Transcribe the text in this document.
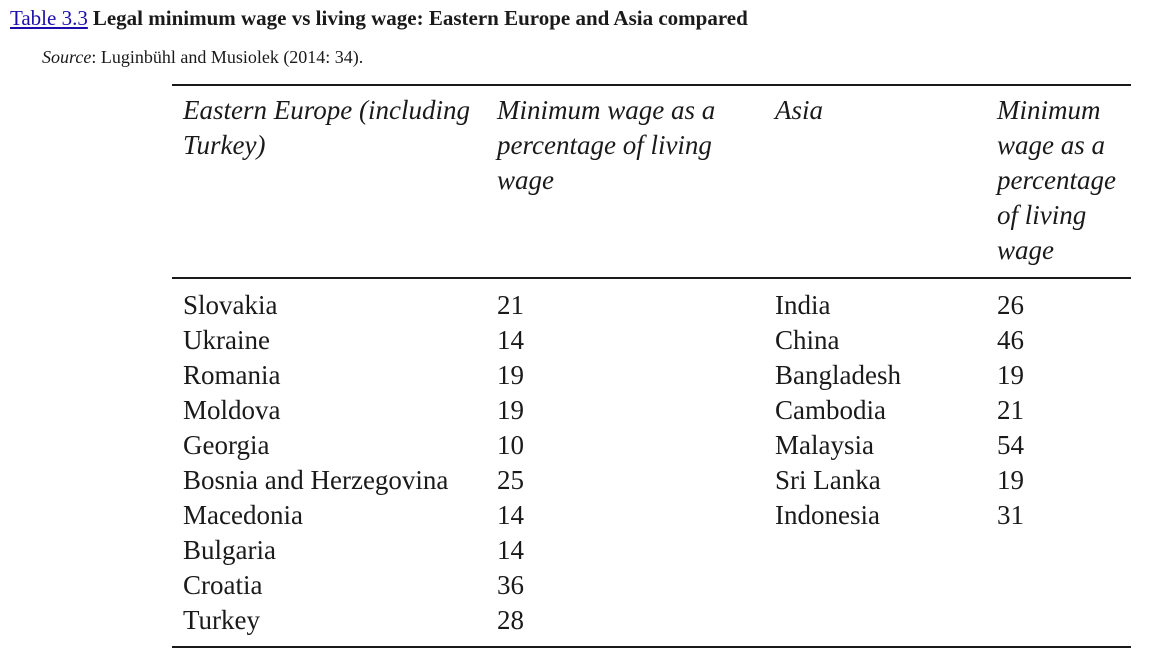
Table 3.3 Legal minimum wage vs living wage: Eastern Europe and Asia compared
Source: Luginbühl and Musiolek (2014: 34).
Eastern Europe (including Turkey)	Minimum wage as a percentage of living wage	Asia	Minimum wage as a percentage of living wage

Slovakia	21	India	26

Ukraine	14	China	46

Romania	19	Bangladesh	19

Moldova	19	Cambodia	21

Georgia	10	Malaysia	54

Bosnia and Herzegovina	25	Sri Lanka	19

Macedonia	14	Indonesia	31

Bulgaria	14		

Croatia	36		

Turkey	28		
